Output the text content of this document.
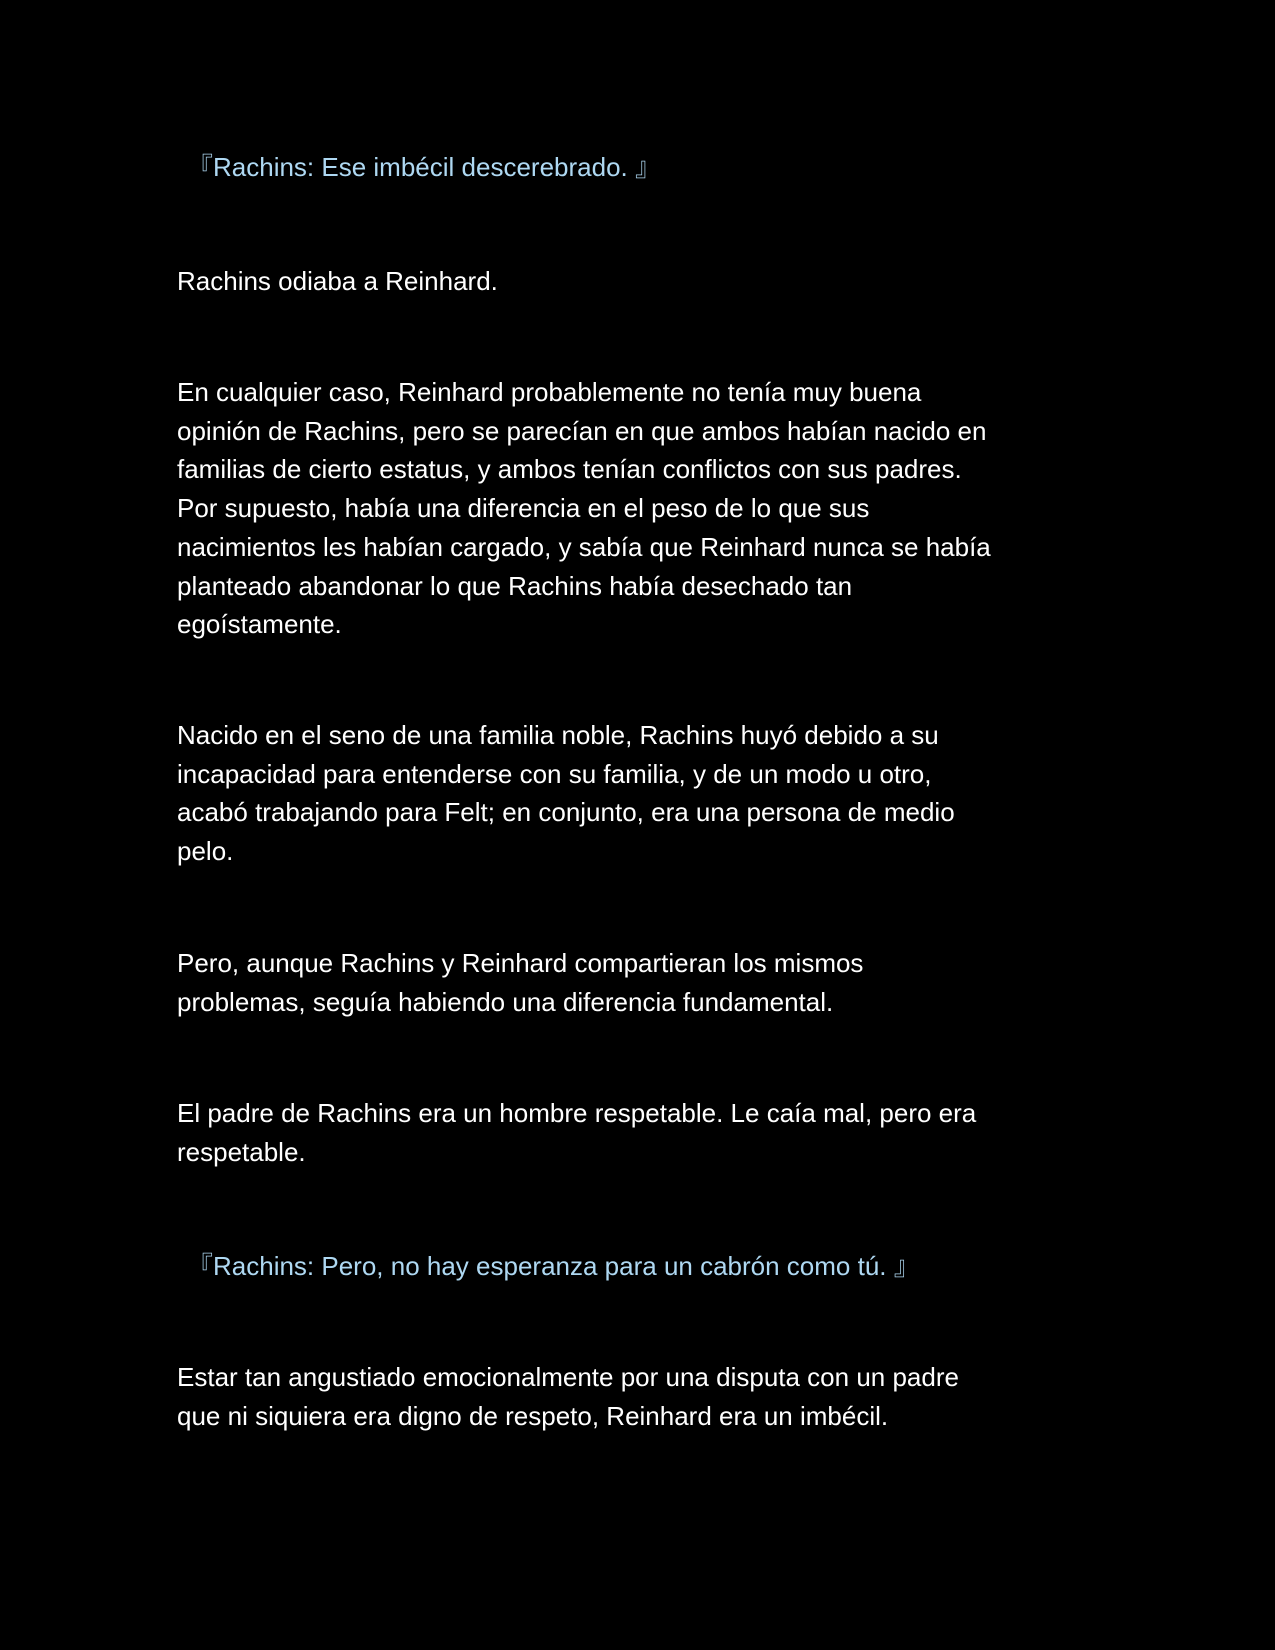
『Rachins: Ese imbécil descerebrado. 』

Rachins odiaba a Reinhard.

En cualquier caso, Reinhard probablemente no tenía muy buena
opinión de Rachins, pero se parecían en que ambos habían nacido en
familias de cierto estatus, y ambos tenían conflictos con sus padres.
Por supuesto, había una diferencia en el peso de lo que sus
nacimientos les habían cargado, y sabía que Reinhard nunca se había
planteado abandonar lo que Rachins había desechado tan
egoístamente.

Nacido en el seno de una familia noble, Rachins huyó debido a su
incapacidad para entenderse con su familia, y de un modo u otro,
acabó trabajando para Felt; en conjunto, era una persona de medio
pelo.

Pero, aunque Rachins y Reinhard compartieran los mismos
problemas, seguía habiendo una diferencia fundamental.

El padre de Rachins era un hombre respetable. Le caía mal, pero era
respetable.

『Rachins: Pero, no hay esperanza para un cabrón como tú. 』

Estar tan angustiado emocionalmente por una disputa con un padre
que ni siquiera era digno de respeto, Reinhard era un imbécil.
